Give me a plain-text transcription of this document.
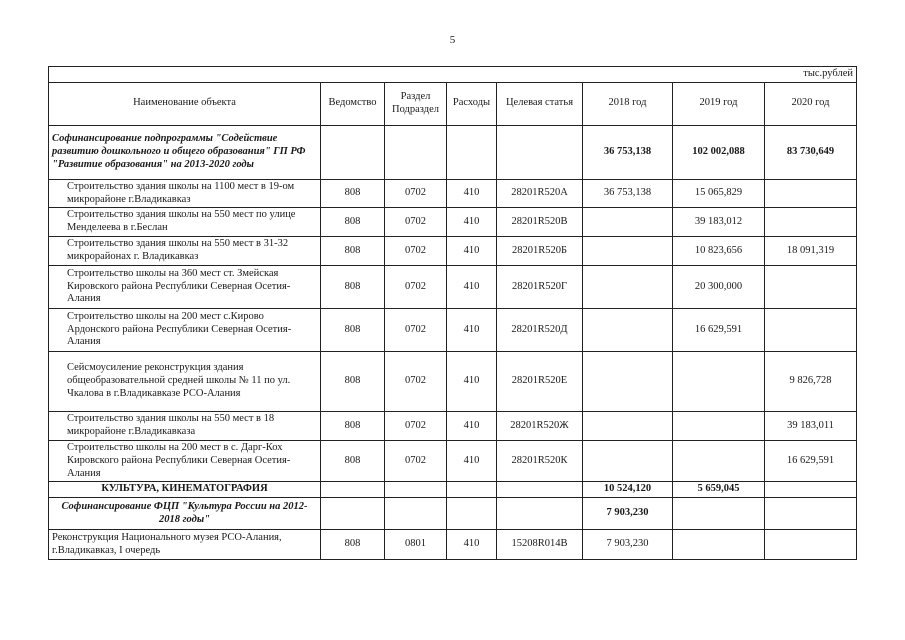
5
тыс.рублей							
Наименование объекта	Ведомство	Раздел Подраздел	Расходы	Целевая статья	2018 год	2019 год	2020 год
Софинансирование подпрограммы "Содействие развитию дошкольного и общего образования" ГП РФ "Развитие образования" на 2013-2020 годы					36 753,138	102 002,088	83 730,649
Строительство здания школы на 1100 мест в 19-ом микрорайоне г.Владикавказ	808	0702	410	28201R520А	36 753,138	15 065,829	
Строительство здания школы на 550 мест по улице Менделеева в г.Беслан	808	0702	410	28201R520В		39 183,012	
Строительство здания школы на 550 мест в 31-32 микрорайонах г. Владикавказ	808	0702	410	28201R520Б		10 823,656	18 091,319
Строительство школы на 360 мест ст. Змейская Кировского района Республики Северная Осетия-Алания	808	0702	410	28201R520Г		20 300,000	
Строительство школы на 200 мест с.Кирово Ардонского района Республики Северная Осетия-Алания	808	0702	410	28201R520Д		16 629,591	
Сейсмоусиление реконструкция здания общеобразовательной средней школы № 11 по ул. Чкалова в г.Владикавказе РСО-Алания	808	0702	410	28201R520Е			9 826,728
Строительство здания школы на 550 мест в 18 микрорайоне г.Владикавказа	808	0702	410	28201R520Ж			39 183,011
Строительство школы на 200 мест в с. Дарг-Кох Кировского района Республики Северная Осетия-Алания	808	0702	410	28201R520К			16 629,591
КУЛЬТУРА, КИНЕМАТОГРАФИЯ					10 524,120	5 659,045	
Софинансирование ФЦП "Культура России на 2012-2018 годы"					7 903,230		
Реконструкция Национального музея РСО-Алания, г.Владикавказ, I очередь	808	0801	410	15208R014В	7 903,230		
